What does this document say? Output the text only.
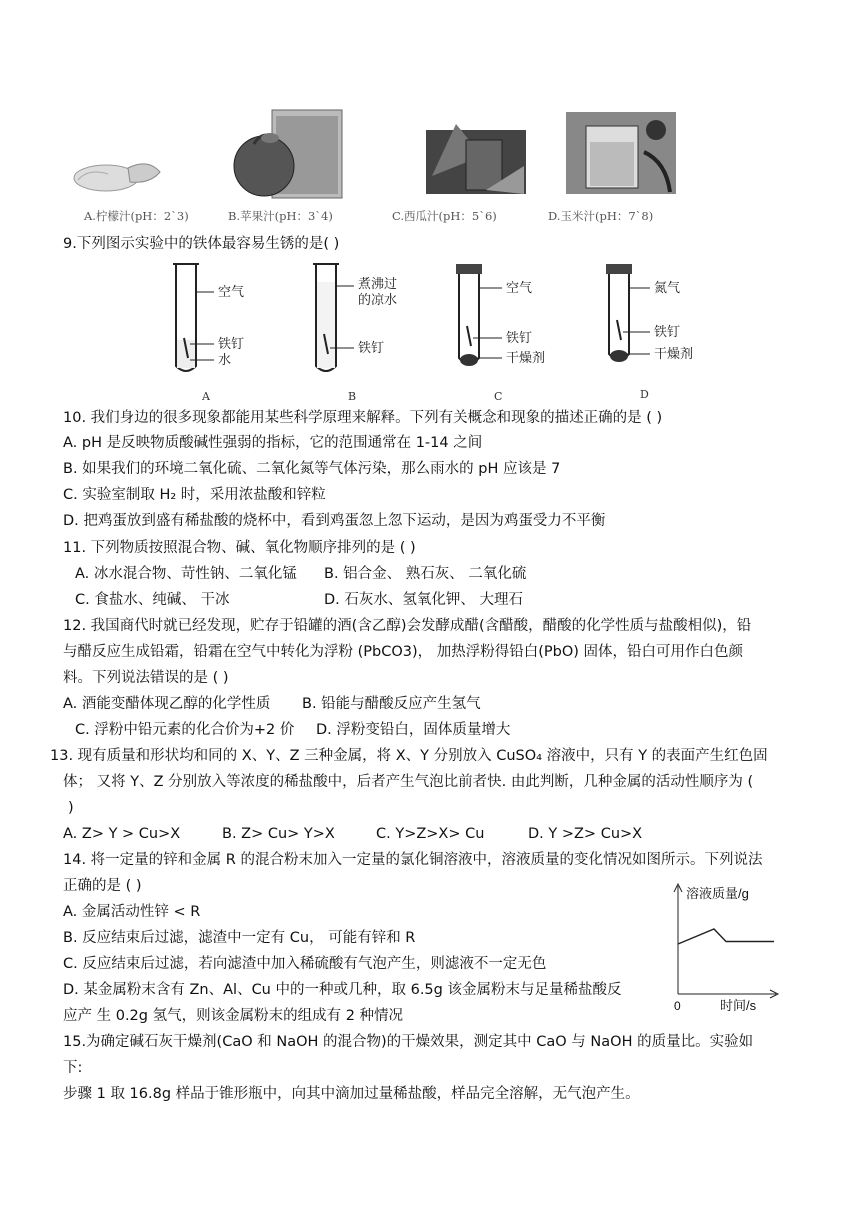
A.柠檬汁(pH：2`3)	B.苹果汁(pH：3`4)	C.西瓜汁(pH：5`6)	D.玉米汁(pH：7`8)
9.下列图示实验中的铁体最容易生锈的是( )
空气
铁钉
水
A
煮沸过
的凉水
铁钉
B
空气
铁钉
干燥剂
C
氮气
铁钉
干燥剂
D
10. 我们身边的很多现象都能用某些科学原理来解释。下列有关概念和现象的描述正确的是 ( )
A. pH 是反映物质酸碱性强弱的指标，它的范围通常在 1-14 之间
B. 如果我们的环境二氧化硫、二氧化氮等气体污染，那么雨水的 pH 应该是 7
C. 实验室制取 H₂ 时，采用浓盐酸和锌粒
D. 把鸡蛋放到盛有稀盐酸的烧杯中，看到鸡蛋忽上忽下运动，是因为鸡蛋受力不平衡
11. 下列物质按照混合物、碱、氧化物顺序排列的是 ( )
A. 冰水混合物、苛性钠、二氧化锰 B. 铝合金、 熟石灰、 二氧化硫
C. 食盐水、纯碱、 干冰	D. 石灰水、氢氧化钾、 大理石
12. 我国商代时就已经发现，贮存于铅罐的酒(含乙醇)会发酵成醋(含醋酸，醋酸的化学性质与盐酸相似)，铅
与醋反应生成铅霜，铅霜在空气中转化为浮粉 (PbCO3)， 加热浮粉得铅白(PbO) 固体，铅白可用作白色颜
料。下列说法错误的是 ( )
A. 酒能变醋体现乙醇的化学性质 B. 铅能与醋酸反应产生氢气
C. 浮粉中铅元素的化合价为+2 价 D. 浮粉变铅白，固体质量增大
13. 现有质量和形状均和同的 X、Y、Z 三种金属，将 X、Y 分别放入 CuSO₄ 溶液中，只有 Y 的表面产生红色固
体； 又将 Y、Z 分别放入等浓度的稀盐酸中，后者产生气泡比前者快. 由此判断，几种金属的活动性顺序为 (
)
A. Z> Y > Cu>X	B. Z> Cu> Y>X	C. Y>Z>X> Cu	D. Y >Z> Cu>X
14. 将一定量的锌和金属 R 的混合粉末加入一定量的氯化铜溶液中，溶液质量的变化情况如图所示。下列说法
正确的是 ( )
A. 金属活动性锌 < R
B. 反应结束后过滤，滤渣中一定有 Cu， 可能有锌和 R
C. 反应结束后过滤，若向滤渣中加入稀硫酸有气泡产生，则滤液不一定无色
D. 某金属粉末含有 Zn、Al、Cu 中的一种或几种，取 6.5g 该金属粉末与足量稀盐酸反
应产 生 0.2g 氢气，则该金属粉末的组成有 2 种情况
溶液质量/g
时间/s
0
15.为确定碱石灰干燥剂(CaO 和 NaOH 的混合物)的干燥效果，测定其中 CaO 与 NaOH 的质量比。实验如
下:
步骤 1 取 16.8g 样品于锥形瓶中，向其中滴加过量稀盐酸，样品完全溶解，无气泡产生。
